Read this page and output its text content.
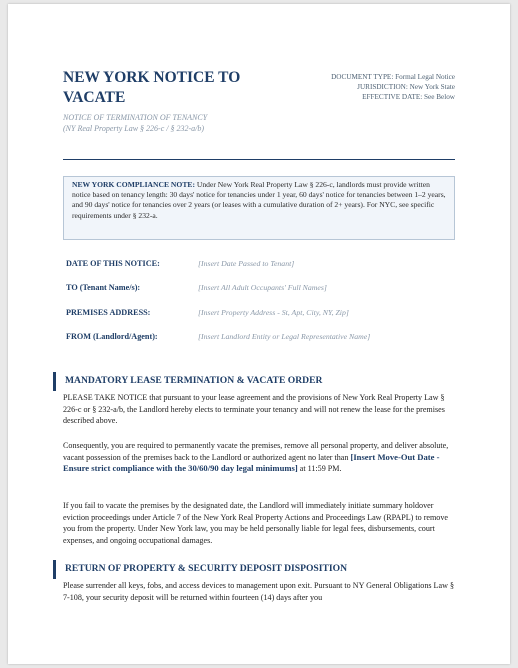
NEW YORK NOTICE TO VACATE
NOTICE OF TERMINATION OF TENANCY
(NY Real Property Law § 226-c / § 232-a/b)
DOCUMENT TYPE: Formal Legal Notice
JURISDICTION: New York State
EFFECTIVE DATE: See Below
NEW YORK COMPLIANCE NOTE: Under New York Real Property Law § 226-c, landlords must provide written notice based on tenancy length: 30 days' notice for tenancies under 1 year, 60 days' notice for tenancies between 1–2 years, and 90 days' notice for tenancies over 2 years (or leases with a cumulative duration of 2+ years). For NYC, see specific requirements under § 232-a.
DATE OF THIS NOTICE:	[Insert Date Passed to Tenant]
TO (Tenant Name/s):	[Insert All Adult Occupants' Full Names]
PREMISES ADDRESS:	[Insert Property Address - St, Apt, City, NY, Zip]
FROM (Landlord/Agent):	[Insert Landlord Entity or Legal Representative Name]
MANDATORY LEASE TERMINATION & VACATE ORDER

PLEASE TAKE NOTICE that pursuant to your lease agreement and the provisions of New York Real Property Law § 226-c or § 232-a/b, the Landlord hereby elects to terminate your tenancy and will not renew the lease for the premises described above.

Consequently, you are required to permanently vacate the premises, remove all personal property, and deliver absolute, vacant possession of the premises back to the Landlord or authorized agent no later than [Insert Move-Out Date - Ensure strict compliance with the 30/60/90 day legal minimums] at 11:59 PM.

If you fail to vacate the premises by the designated date, the Landlord will immediately initiate summary holdover eviction proceedings under Article 7 of the New York Real Property Actions and Proceedings Law (RPAPL) to remove you from the property. Under New York law, you may be held personally liable for legal fees, disbursements, court expenses, and ongoing occupational damages.

RETURN OF PROPERTY & SECURITY DEPOSIT DISPOSITION

Please surrender all keys, fobs, and access devices to management upon exit. Pursuant to NY General Obligations Law § 7-108, your security deposit will be returned within fourteen (14) days after you
